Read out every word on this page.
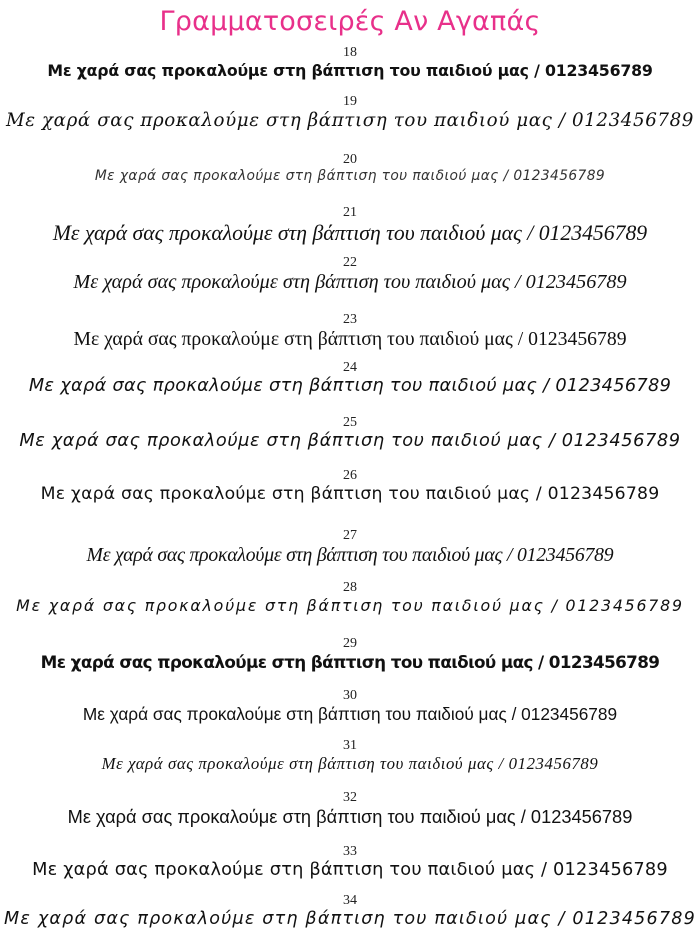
Γραμματοσειρές Αν Αγαπάς
18
Με χαρά σας προκαλούμε στη βάπτιση του παιδιού μας / 0123456789
19
Με χαρά σας προκαλούμε στη βάπτιση του παιδιού μας / 0123456789
20
Με χαρά σας προκαλούμε στη βάπτιση του παιδιού μας / 0123456789
21
Με χαρά σας προκαλούμε στη βάπτιση του παιδιού μας / 0123456789
22
Με χαρά σας προκαλούμε στη βάπτιση του παιδιού μας / 0123456789
23
Με χαρά σας προκαλούμε στη βάπτιση του παιδιού μας / 0123456789
24
Με χαρά σας προκαλούμε στη βάπτιση του παιδιού μας / 0123456789
25
Με χαρά σας προκαλούμε στη βάπτιση του παιδιού μας / 0123456789
26
Με χαρά σας προκαλούμε στη βάπτιση του παιδιού μας / 0123456789
27
Με χαρά σας προκαλούμε στη βάπτιση του παιδιού μας / 0123456789
28
Με χαρά σας προκαλούμε στη βάπτιση του παιδιού μας / 0123456789
29
Με χαρά σας προκαλούμε στη βάπτιση του παιδιού μας / 0123456789
30
Με χαρά σας προκαλούμε στη βάπτιση του παιδιού μας / 0123456789
31
Με χαρά σας προκαλούμε στη βάπτιση του παιδιού μας / 0123456789
32
Με χαρά σας προκαλούμε στη βάπτιση του παιδιού μας / 0123456789
33
Με χαρά σας προκαλούμε στη βάπτιση του παιδιού μας / 0123456789
34
Με χαρά σας προκαλούμε στη βάπτιση του παιδιού μας / 0123456789
